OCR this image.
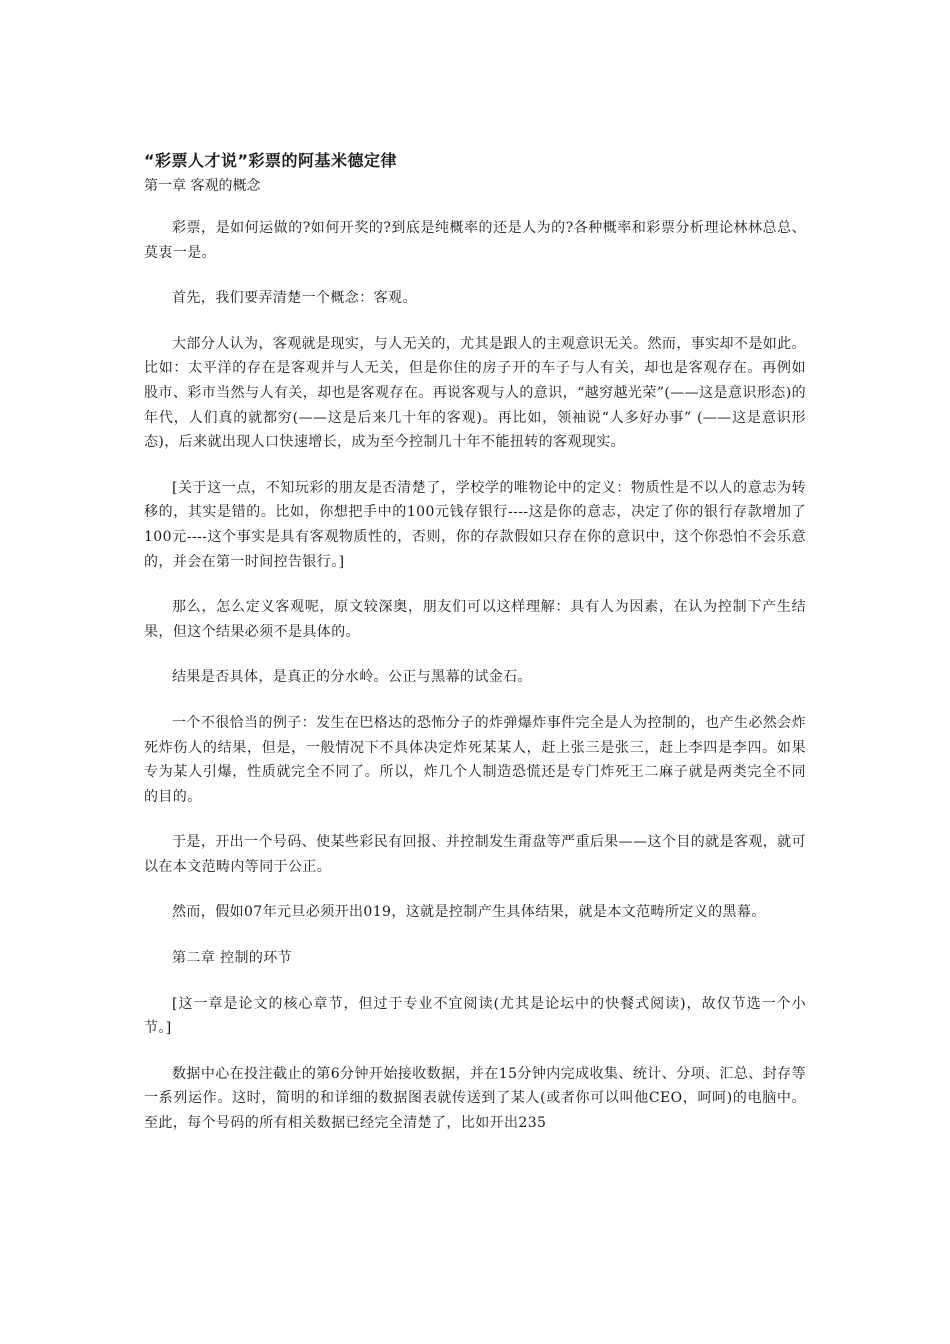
“彩票人才说”彩票的阿基米德定律
第一章 客观的概念

彩票，是如何运做的?如何开奖的?到底是纯概率的还是人为的?各种概率和彩票分析理论林林总总、莫衷一是。

首先，我们要弄清楚一个概念：客观。

大部分人认为，客观就是现实，与人无关的，尤其是跟人的主观意识无关。然而，事实却不是如此。比如：太平洋的存在是客观并与人无关，但是你住的房子开的车子与人有关，却也是客观存在。再例如股市、彩市当然与人有关，却也是客观存在。再说客观与人的意识，“越穷越光荣”(——这是意识形态)的年代，人们真的就都穷(——这是后来几十年的客观)。再比如，领袖说“人多好办事” (——这是意识形态)，后来就出现人口快速增长，成为至今控制几十年不能扭转的客观现实。

[关于这一点，不知玩彩的朋友是否清楚了，学校学的唯物论中的定义：物质性是不以人的意志为转移的，其实是错的。比如，你想把手中的100元钱存银行----这是你的意志，决定了你的银行存款增加了100元----这个事实是具有客观物质性的，否则，你的存款假如只存在你的意识中，这个你恐怕不会乐意的，并会在第一时间控告银行。]

那么，怎么定义客观呢，原文较深奥，朋友们可以这样理解：具有人为因素，在认为控制下产生结果，但这个结果必须不是具体的。

结果是否具体，是真正的分水岭。公正与黑幕的试金石。

一个不很恰当的例子：发生在巴格达的恐怖分子的炸弹爆炸事件完全是人为控制的，也产生必然会炸死炸伤人的结果，但是，一般情况下不具体决定炸死某某人，赶上张三是张三，赶上李四是李四。如果专为某人引爆，性质就完全不同了。所以，炸几个人制造恐慌还是专门炸死王二麻子就是两类完全不同的目的。

于是，开出一个号码、使某些彩民有回报、并控制发生甭盘等严重后果——这个目的就是客观，就可以在本文范畴内等同于公正。

然而，假如07年元旦必须开出019，这就是控制产生具体结果，就是本文范畴所定义的黑幕。

第二章 控制的环节

[这一章是论文的核心章节，但过于专业不宜阅读(尤其是论坛中的快餐式阅读)，故仅节选一个小节。]

数据中心在投注截止的第6分钟开始接收数据，并在15分钟内完成收集、统计、分项、汇总、封存等一系列运作。这时，简明的和详细的数据图表就传送到了某人(或者你可以叫他CEO，呵呵)的电脑中。至此，每个号码的所有相关数据已经完全清楚了，比如开出235
